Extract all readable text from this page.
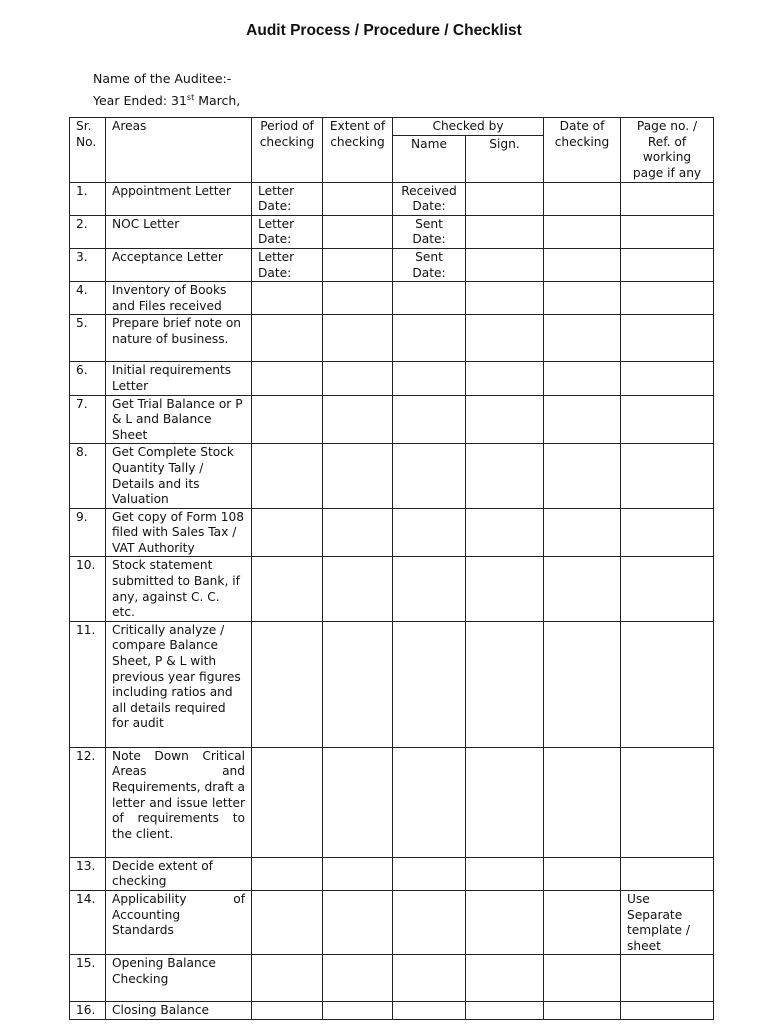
Audit Process / Procedure / Checklist
Name of the Auditee:-
Year Ended: 31st March,
Sr. No.	Areas	Period of checking	Extent of checking	Checked by		Date of checking	Page no. / Ref. of working page if any
				Name	Sign.		
1.	Appointment Letter	Letter Date:		Received Date:			
2.	NOC Letter	Letter Date:		Sent Date:			
3.	Acceptance Letter	Letter Date:		Sent Date:			
4.	Inventory of Books and Files received						
5.	Prepare brief note on nature of business.						
6.	Initial requirements Letter						
7.	Get Trial Balance or P & L and Balance Sheet						
8.	Get Complete Stock Quantity Tally / Details and its Valuation						
9.	Get copy of Form 108 filed with Sales Tax / VAT Authority						
10.	Stock statement submitted to Bank, if any, against C. C. etc.						
11.	Critically analyze / compare Balance Sheet, P & L with previous year figures including ratios and all details required for audit						
12.	Note Down Critical Areas and Requirements, draft a letter and issue letter of requirements to the client.						
13.	Decide extent of checking						
14.	Applicability of Accounting Standards						Use Separate template / sheet
15.	Opening Balance Checking						
16.	Closing Balance						
